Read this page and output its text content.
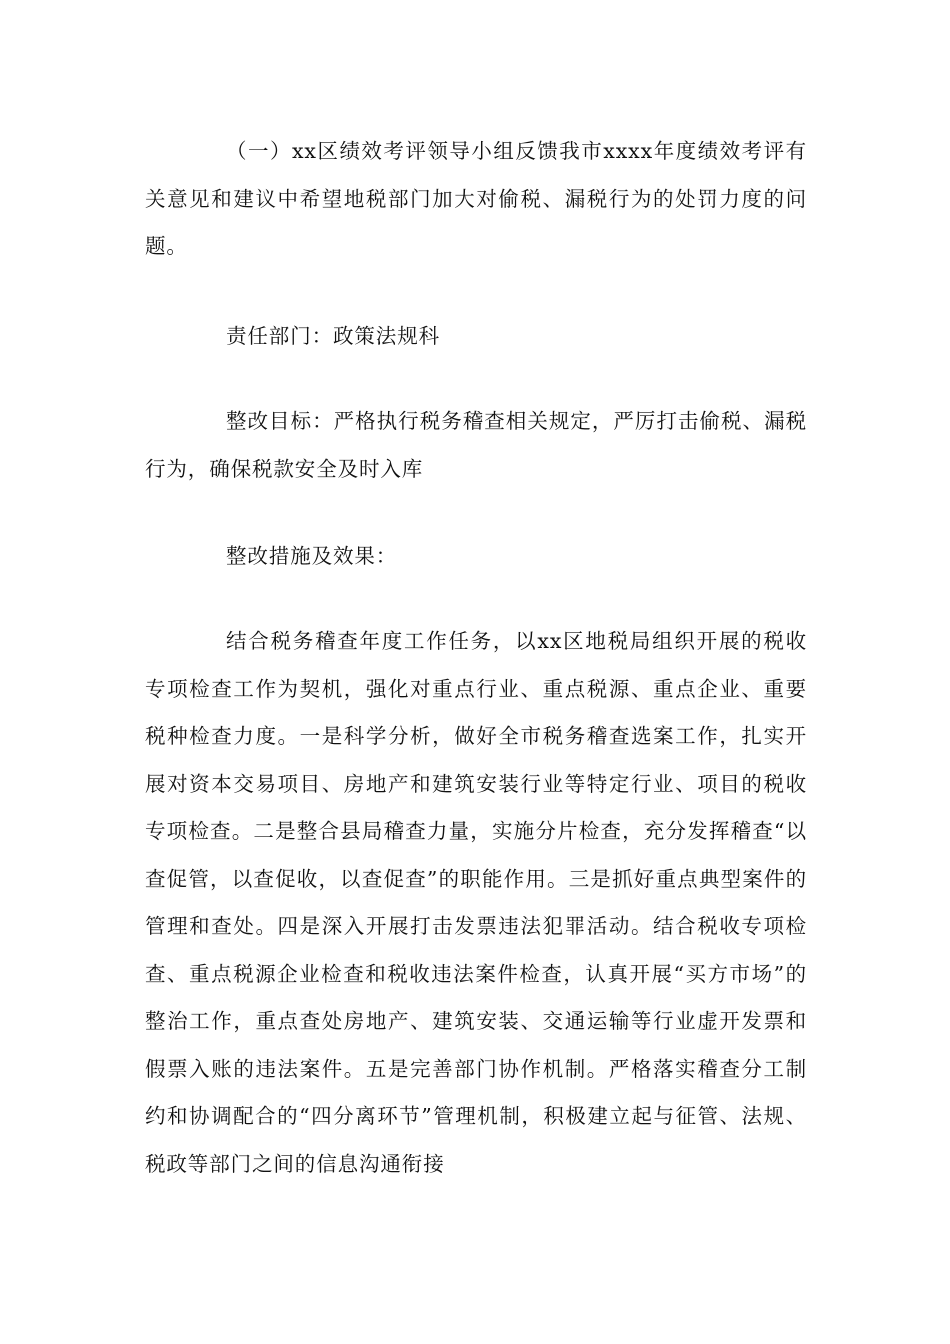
（一）xx区绩效考评领导小组反馈我市xxxx年度绩效考评有关意见和建议中希望地税部门加大对偷税、漏税行为的处罚力度的问题。

责任部门：政策法规科

整改目标：严格执行税务稽查相关规定，严厉打击偷税、漏税行为，确保税款安全及时入库

整改措施及效果：

结合税务稽查年度工作任务，以xx区地税局组织开展的税收专项检查工作为契机，强化对重点行业、重点税源、重点企业、重要税种检查力度。一是科学分析，做好全市税务稽查选案工作，扎实开展对资本交易项目、房地产和建筑安装行业等特定行业、项目的税收专项检查。二是整合县局稽查力量，实施分片检查，充分发挥稽查“以查促管，以查促收，以查促查”的职能作用。三是抓好重点典型案件的管理和查处。四是深入开展打击发票违法犯罪活动。结合税收专项检查、重点税源企业检查和税收违法案件检查，认真开展“买方市场”的整治工作，重点查处房地产、建筑安装、交通运输等行业虚开发票和假票入账的违法案件。五是完善部门协作机制。严格落实稽查分工制约和协调配合的“四分离环节”管理机制，积极建立起与征管、法规、税政等部门之间的信息沟通衔接
